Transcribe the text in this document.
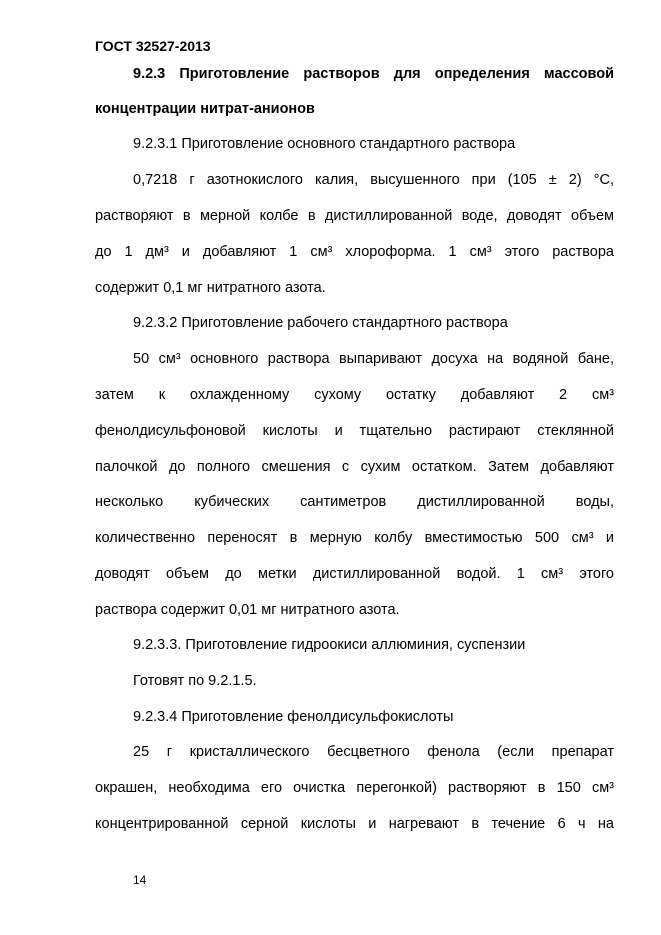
ГОСТ 32527-2013
9.2.3 Приготовление растворов для определения массовой
концентрации нитрат-анионов
9.2.3.1 Приготовление основного стандартного раствора
0,7218 г азотнокислого калия, высушенного при (105 ± 2) °С,
растворяют в мерной колбе в дистиллированной воде, доводят объем
до 1 дм³ и добавляют 1 см³ хлороформа. 1 см³ этого раствора
содержит 0,1 мг нитратного азота.
9.2.3.2 Приготовление рабочего стандартного раствора
50 см³ основного раствора выпаривают досуха на водяной бане,
затем к охлажденному сухому остатку добавляют 2 см³
фенолдисульфоновой кислоты и тщательно растирают стеклянной
палочкой до полного смешения с сухим остатком. Затем добавляют
несколько кубических сантиметров дистиллированной воды,
количественно переносят в мерную колбу вместимостью 500 см³ и
доводят объем до метки дистиллированной водой. 1 см³ этого
раствора содержит 0,01 мг нитратного азота.
9.2.3.3. Приготовление гидроокиси аллюминия, суспензии
Готовят по 9.2.1.5.
9.2.3.4 Приготовление фенолдисульфокислоты
25 г кристаллического бесцветного фенола (если препарат
окрашен, необходима его очистка перегонкой) растворяют в 150 см³
концентрированной серной кислоты и нагревают в течение 6 ч на
14
